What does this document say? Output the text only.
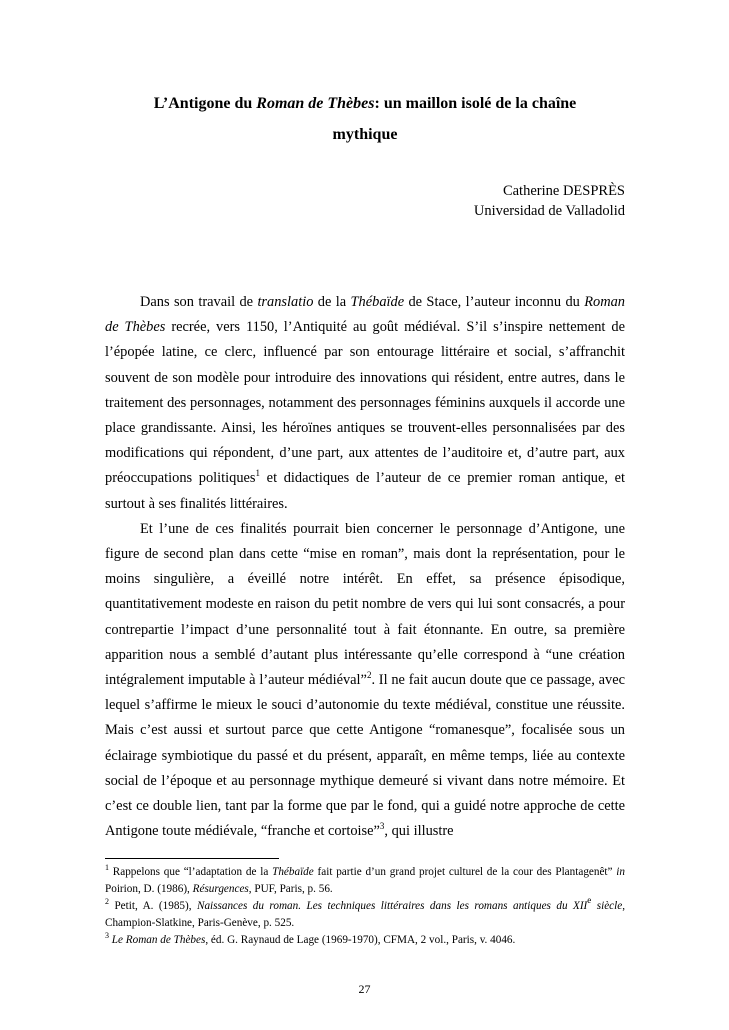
L’Antigone du Roman de Thèbes: un maillon isolé de la chaîne
mythique
Catherine DESPRÈS
Universidad de Valladolid

Dans son travail de translatio de la Thébaïde de Stace, l’auteur inconnu du Roman de Thèbes recrée, vers 1150, l’Antiquité au goût médiéval. S’il s’inspire nettement de l’épopée latine, ce clerc, influencé par son entourage littéraire et social, s’affranchit souvent de son modèle pour introduire des innovations qui résident, entre autres, dans le traitement des personnages, notamment des personnages féminins auxquels il accorde une place grandissante. Ainsi, les héroïnes antiques se trouvent-elles personnalisées par des modifications qui répondent, d’une part, aux attentes de l’auditoire et, d’autre part, aux préoccupations politiques$^1$ et didactiques de l’auteur de ce premier roman antique, et surtout à ses finalités littéraires.

Et l’une de ces finalités pourrait bien concerner le personnage d’Antigone, une figure de second plan dans cette “mise en roman”, mais dont la représentation, pour le moins singulière, a éveillé notre intérêt. En effet, sa présence épisodique, quantitativement modeste en raison du petit nombre de vers qui lui sont consacrés, a pour contrepartie l’impact d’une personnalité tout à fait étonnante. En outre, sa première apparition nous a semblé d’autant plus intéressante qu’elle correspond à “une création intégralement imputable à l’auteur médiéval”$^2$. Il ne fait aucun doute que ce passage, avec lequel s’affirme le mieux le souci d’autonomie du texte médiéval, constitue une réussite. Mais c’est aussi et surtout parce que cette Antigone “romanesque”, focalisée sous un éclairage symbiotique du passé et du présent, apparaît, en même temps, liée au contexte social de l’époque et au personnage mythique demeuré si vivant dans notre mémoire. Et c’est ce double lien, tant par la forme que par le fond, qui a guidé notre approche de cette Antigone toute médiévale, “franche et cortoise”$^3$, qui illustre

$^1$ Rappelons que “l’adaptation de la Thébaïde fait partie d’un grand projet culturel de la cour des Plantagenêt” in Poirion, D. (1986), Résurgences, PUF, Paris, p. 56.

$^2$ Petit, A. (1985), Naissances du roman. Les techniques littéraires dans les romans antiques du XIIe siècle, Champion-Slatkine, Paris-Genève, p. 525.

$^3$ Le Roman de Thèbes, éd. G. Raynaud de Lage (1969-1970), CFMA, 2 vol., Paris, v. 4046.

27
